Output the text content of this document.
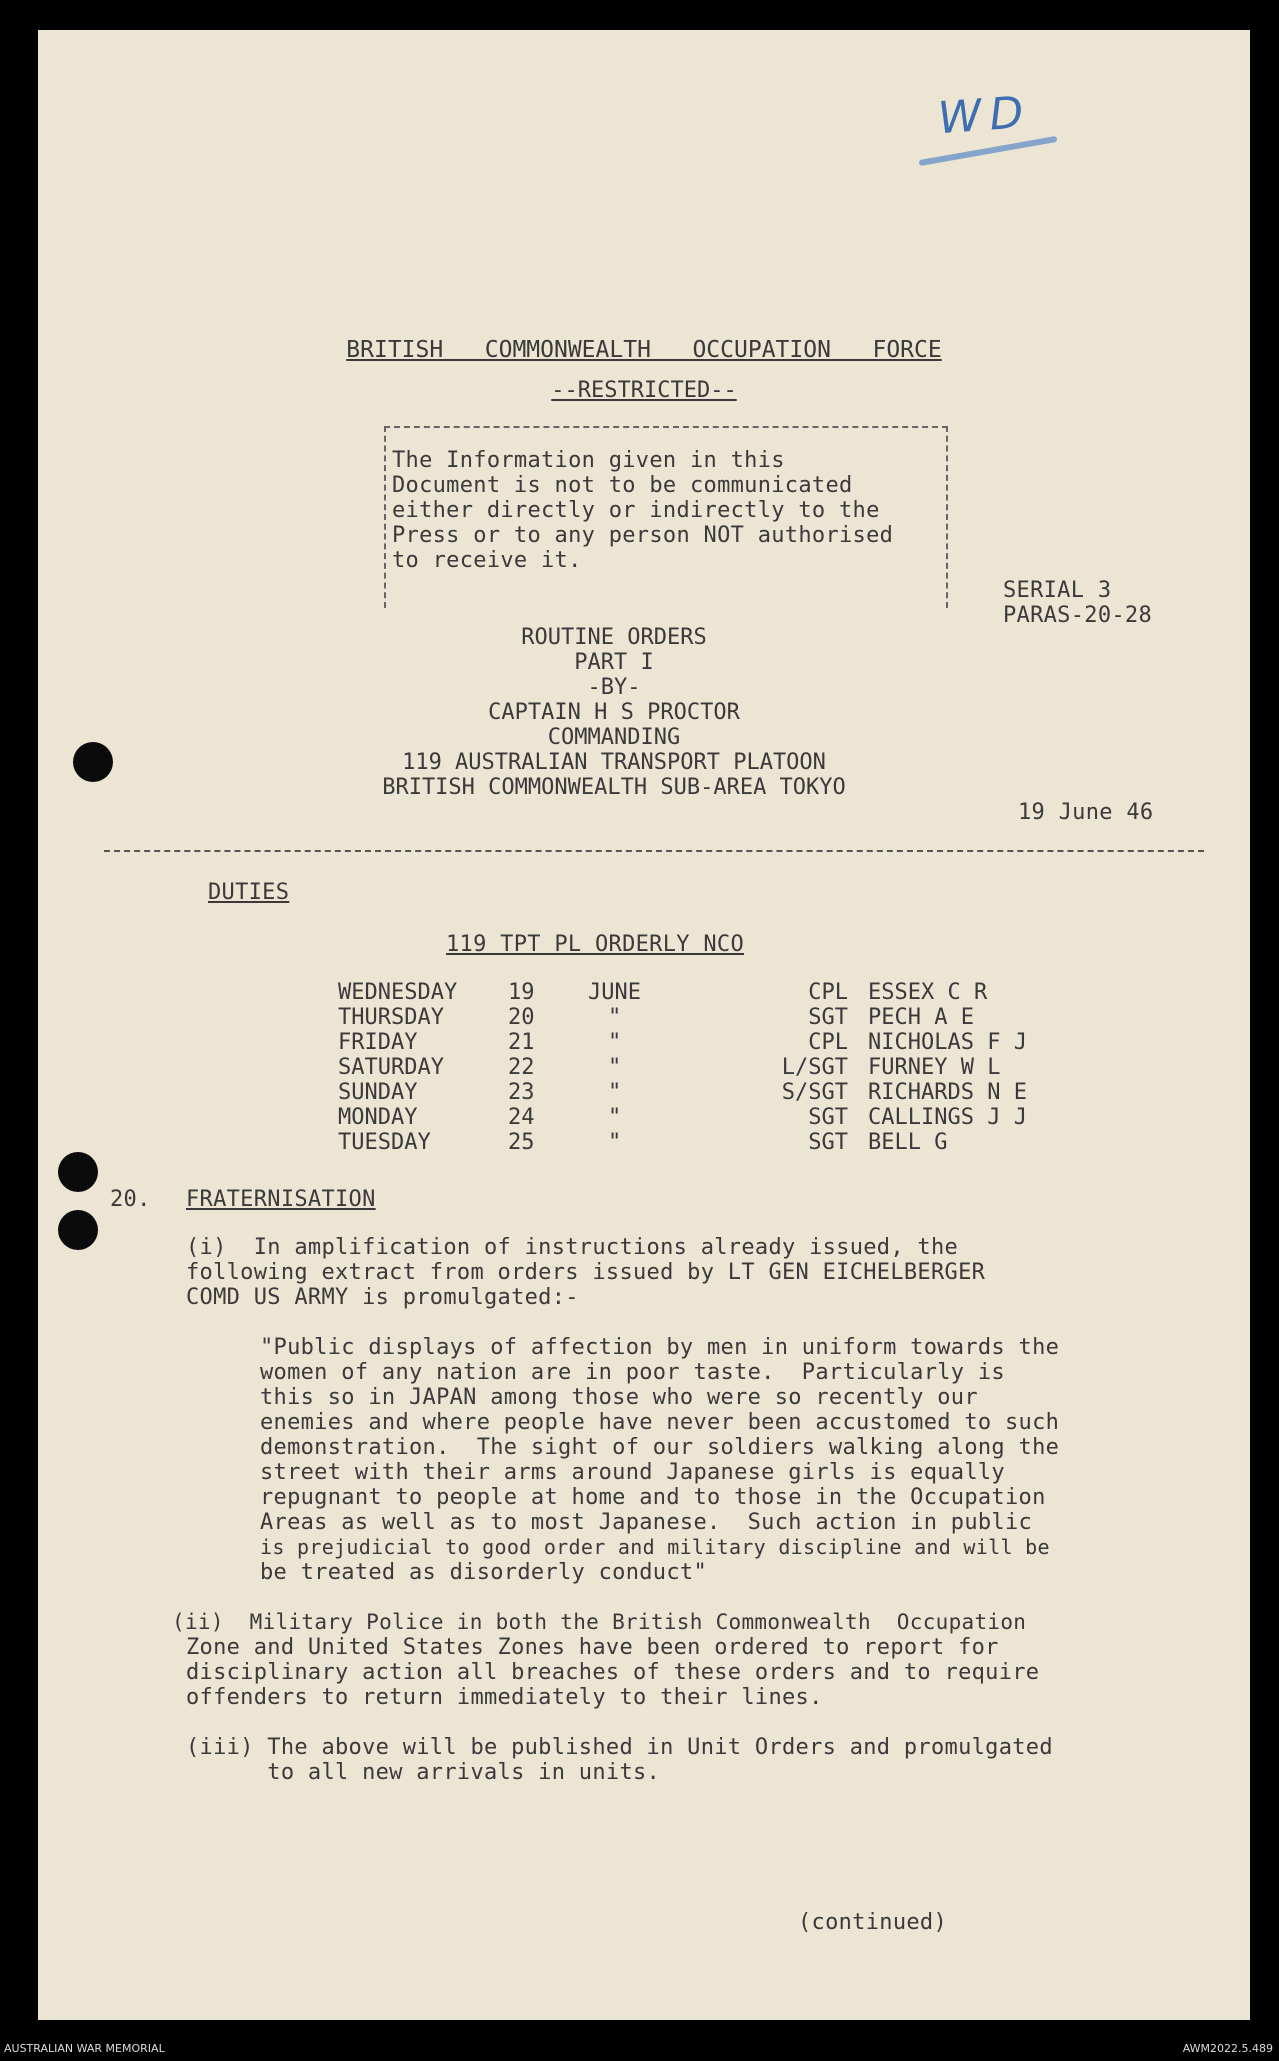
WD
BRITISH   COMMONWEALTH   OCCUPATION   FORCE
--RESTRICTED--
The Information given in this
Document is not to be communicated
either directly or indirectly to the
Press or to any person NOT authorised
to receive it.
SERIAL 3
PARAS-20-28
ROUTINE ORDERS
PART I
-BY-
CAPTAIN H S PROCTOR
COMMANDING
119 AUSTRALIAN TRANSPORT PLATOON
BRITISH COMMONWEALTH SUB-AREA TOKYO
19 June 46
DUTIES
119 TPT PL ORDERLY NCO
WEDNESDAY 19 JUNE	CPL ESSEX C R
THURSDAY	20	"	SGT PECH A E
FRIDAY	21	"	CPL NICHOLAS F J
SATURDAY	22	"	L/SGT FURNEY W L
SUNDAY	23	"	S/SGT RICHARDS N E
MONDAY	24	"	SGT CALLINGS J J
TUESDAY	25	"	SGT BELL G
20. FRATERNISATION
(i)  In amplification of instructions already issued, the
following extract from orders issued by LT GEN EICHELBERGER
COMD US ARMY is promulgated:-
"Public displays of affection by men in uniform towards the
women of any nation are in poor taste.  Particularly is
this so in JAPAN among those who were so recently our
enemies and where people have never been accustomed to such
demonstration.  The sight of our soldiers walking along the
street with their arms around Japanese girls is equally
repugnant to people at home and to those in the Occupation
Areas as well as to most Japanese.  Such action in public
is prejudicial to good order and military discipline and will be
be treated as disorderly conduct"
(ii)  Military Police in both the British Commonwealth  Occupation
Zone and United States Zones have been ordered to report for
disciplinary action all breaches of these orders and to require
offenders to return immediately to their lines.
(iii) The above will be published in Unit Orders and promulgated
to all new arrivals in units.
(continued)
AUSTRALIAN WAR MEMORIAL	AWM2022.5.489
